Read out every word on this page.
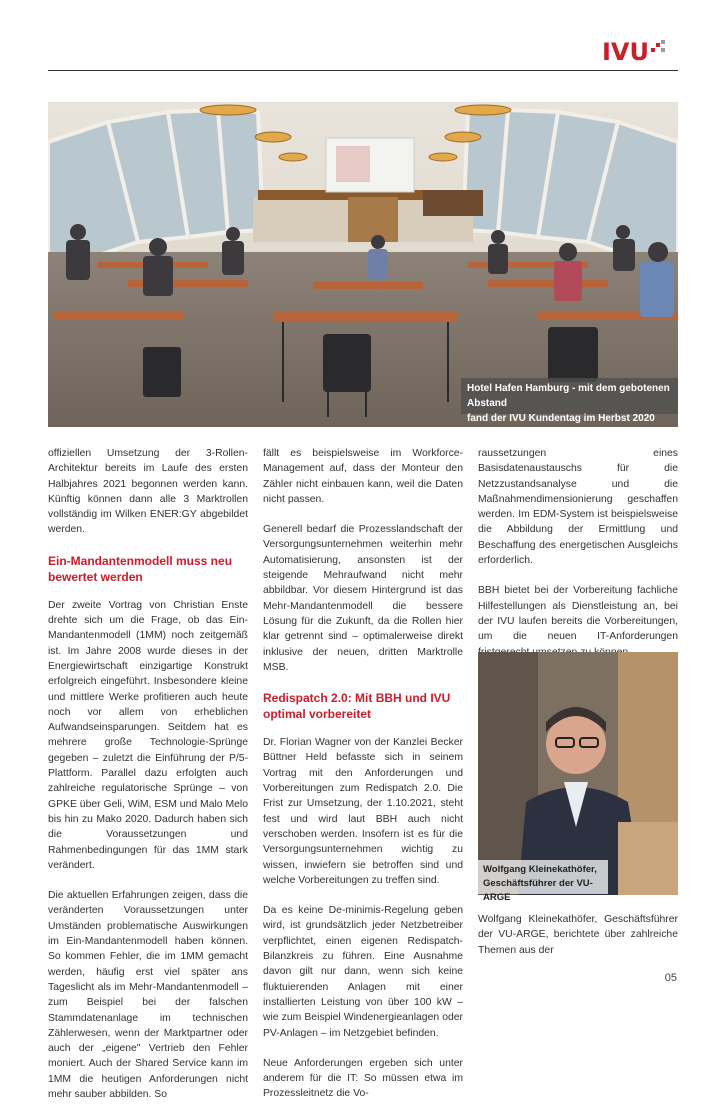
IVU
Hotel Hafen Hamburg - mit dem gebotenen Abstand
fand der IVU Kundentag im Herbst 2020 statt

offiziellen Umsetzung der 3-Rollen-Architektur bereits im Laufe des ersten Halbjahres 2021 begonnen werden kann. Künftig können dann alle 3 Marktrollen vollständig im Wilken ENER:GY abgebildet werden.

Ein-Mandantenmodell muss neu bewertet werden

Der zweite Vortrag von Christian Enste drehte sich um die Frage, ob das Ein-Mandantenmodell (1MM) noch zeitgemäß ist. Im Jahre 2008 wurde dieses in der Energiewirtschaft einzigartige Konstrukt erfolgreich eingeführt. Insbesondere kleine und mittlere Werke profitieren auch heute noch vor allem von erheblichen Aufwandseinsparungen. Seitdem hat es mehrere große Technologie-Sprünge gegeben – zuletzt die Einführung der P/5-Plattform. Parallel dazu erfolgten auch zahlreiche regulatorische Sprünge – von GPKE über Geli, WiM, ESM und Malo Melo bis hin zu Mako 2020. Dadurch haben sich die Voraussetzungen und Rahmenbedingungen für das 1MM stark verändert.

Die aktuellen Erfahrungen zeigen, dass die veränderten Voraussetzungen unter Umständen problematische Auswirkungen im Ein-Mandantenmodell haben können. So kommen Fehler, die im 1MM gemacht werden, häufig erst viel später ans Tageslicht als im Mehr-Mandantenmodell – zum Beispiel bei der falschen Stammdatenanlage im technischen Zählerwesen, wenn der Marktpartner oder auch der „eigene" Vertrieb den Fehler moniert. Auch der Shared Service kann im 1MM die heutigen Anforderungen nicht mehr sauber abbilden. So

fällt es beispielsweise im Workforce-Management auf, dass der Monteur den Zähler nicht einbauen kann, weil die Daten nicht passen.

Generell bedarf die Prozesslandschaft der Versorgungsunternehmen weiterhin mehr Automatisierung, ansonsten ist der steigende Mehraufwand nicht mehr abbildbar. Vor diesem Hintergrund ist das Mehr-Mandantenmodell die bessere Lösung für die Zukunft, da die Rollen hier klar getrennt sind – optimalerweise direkt inklusive der neuen, dritten Marktrolle MSB.

Redispatch 2.0: Mit BBH und IVU optimal vorbereitet

Dr. Florian Wagner von der Kanzlei Becker Büttner Held befasste sich in seinem Vortrag mit den Anforderungen und Vorbereitungen zum Redispatch 2.0. Die Frist zur Umsetzung, der 1.10.2021, steht fest und wird laut BBH auch nicht verschoben werden. Insofern ist es für die Versorgungsunternehmen wichtig zu wissen, inwiefern sie betroffen sind und welche Vorbereitungen zu treffen sind.

Da es keine De-minimis-Regelung geben wird, ist grundsätzlich jeder Netzbetreiber verpflichtet, einen eigenen Redispatch-Bilanzkreis zu führen. Eine Ausnahme davon gilt nur dann, wenn sich keine fluktuierenden Anlagen mit einer installierten Leistung von über 100 kW – wie zum Beispiel Windenergieanlagen oder PV-Anlagen – im Netzgebiet befinden.

Neue Anforderungen ergeben sich unter anderem für die IT: So müssen etwa im Prozessleitnetz die Vo-

raussetzungen eines Basisdatenaustauschs für die Netzzustandsanalyse und die Maßnahmendimensionierung geschaffen werden. Im EDM-System ist beispielsweise die Abbildung der Ermittlung und Beschaffung des energetischen Ausgleichs erforderlich.

BBH bietet bei der Vorbereitung fachliche Hilfestellungen als Dienstleistung an, bei der IVU laufen bereits die Vorbereitungen, um die neuen IT-Anforderungen

Wolfgang Kleinekathöfer,
Geschäftsführer der VU-ARGE

Wolfgang Kleinekathöfer, Geschäftsführer der VU-ARGE, berichtete über zahlreiche Themen aus der

05
